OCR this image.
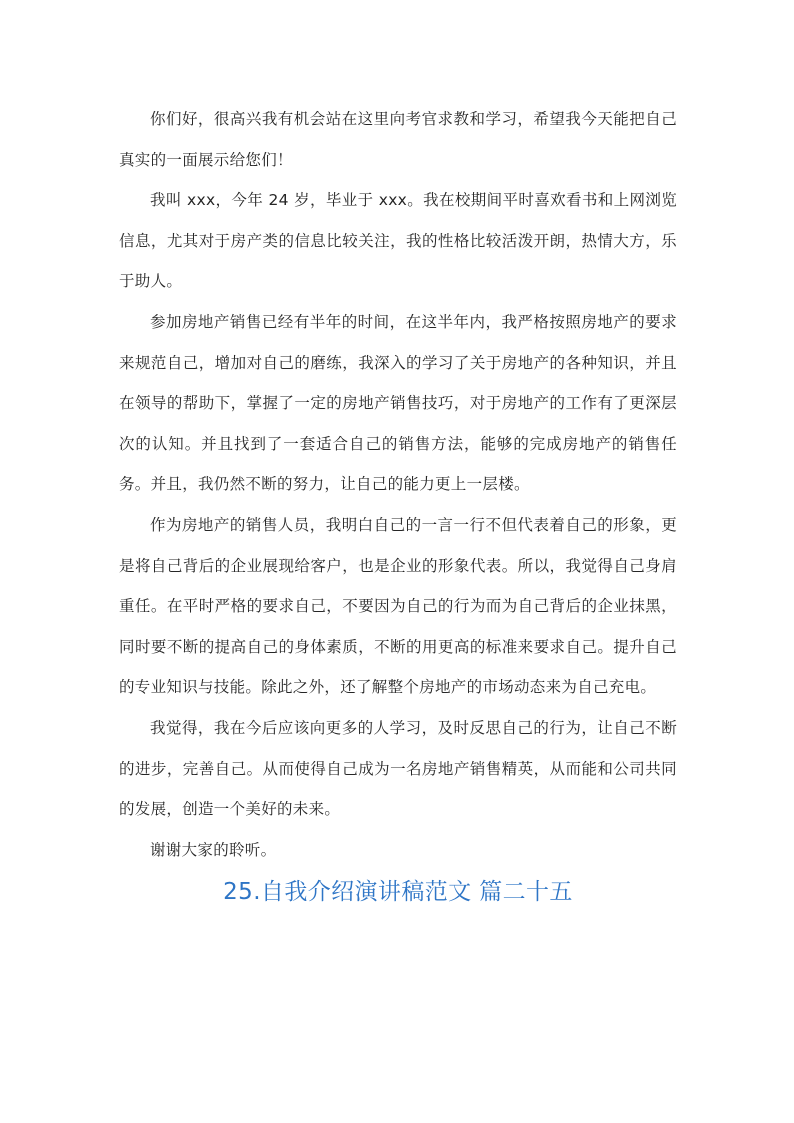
你们好，很高兴我有机会站在这里向考官求教和学习，希望我今天能把自己真实的一面展示给您们！

我叫 xxx，今年 24 岁，毕业于 xxx。我在校期间平时喜欢看书和上网浏览信息，尤其对于房产类的信息比较关注，我的性格比较活泼开朗，热情大方，乐于助人。

参加房地产销售已经有半年的时间，在这半年内，我严格按照房地产的要求来规范自己，增加对自己的磨练，我深入的学习了关于房地产的各种知识，并且在领导的帮助下，掌握了一定的房地产销售技巧，对于房地产的工作有了更深层次的认知。并且找到了一套适合自己的销售方法，能够的完成房地产的销售任务。并且，我仍然不断的努力，让自己的能力更上一层楼。

作为房地产的销售人员，我明白自己的一言一行不但代表着自己的形象，更是将自己背后的企业展现给客户，也是企业的形象代表。所以，我觉得自己身肩重任。在平时严格的要求自己，不要因为自己的行为而为自己背后的企业抹黑，同时要不断的提高自己的身体素质，不断的用更高的标准来要求自己。提升自己的专业知识与技能。除此之外，还了解整个房地产的市场动态来为自己充电。

我觉得，我在今后应该向更多的人学习，及时反思自己的行为，让自己不断的进步，完善自己。从而使得自己成为一名房地产销售精英，从而能和公司共同的发展，创造一个美好的未来。

谢谢大家的聆听。

25.自我介绍演讲稿范文 篇二十五
